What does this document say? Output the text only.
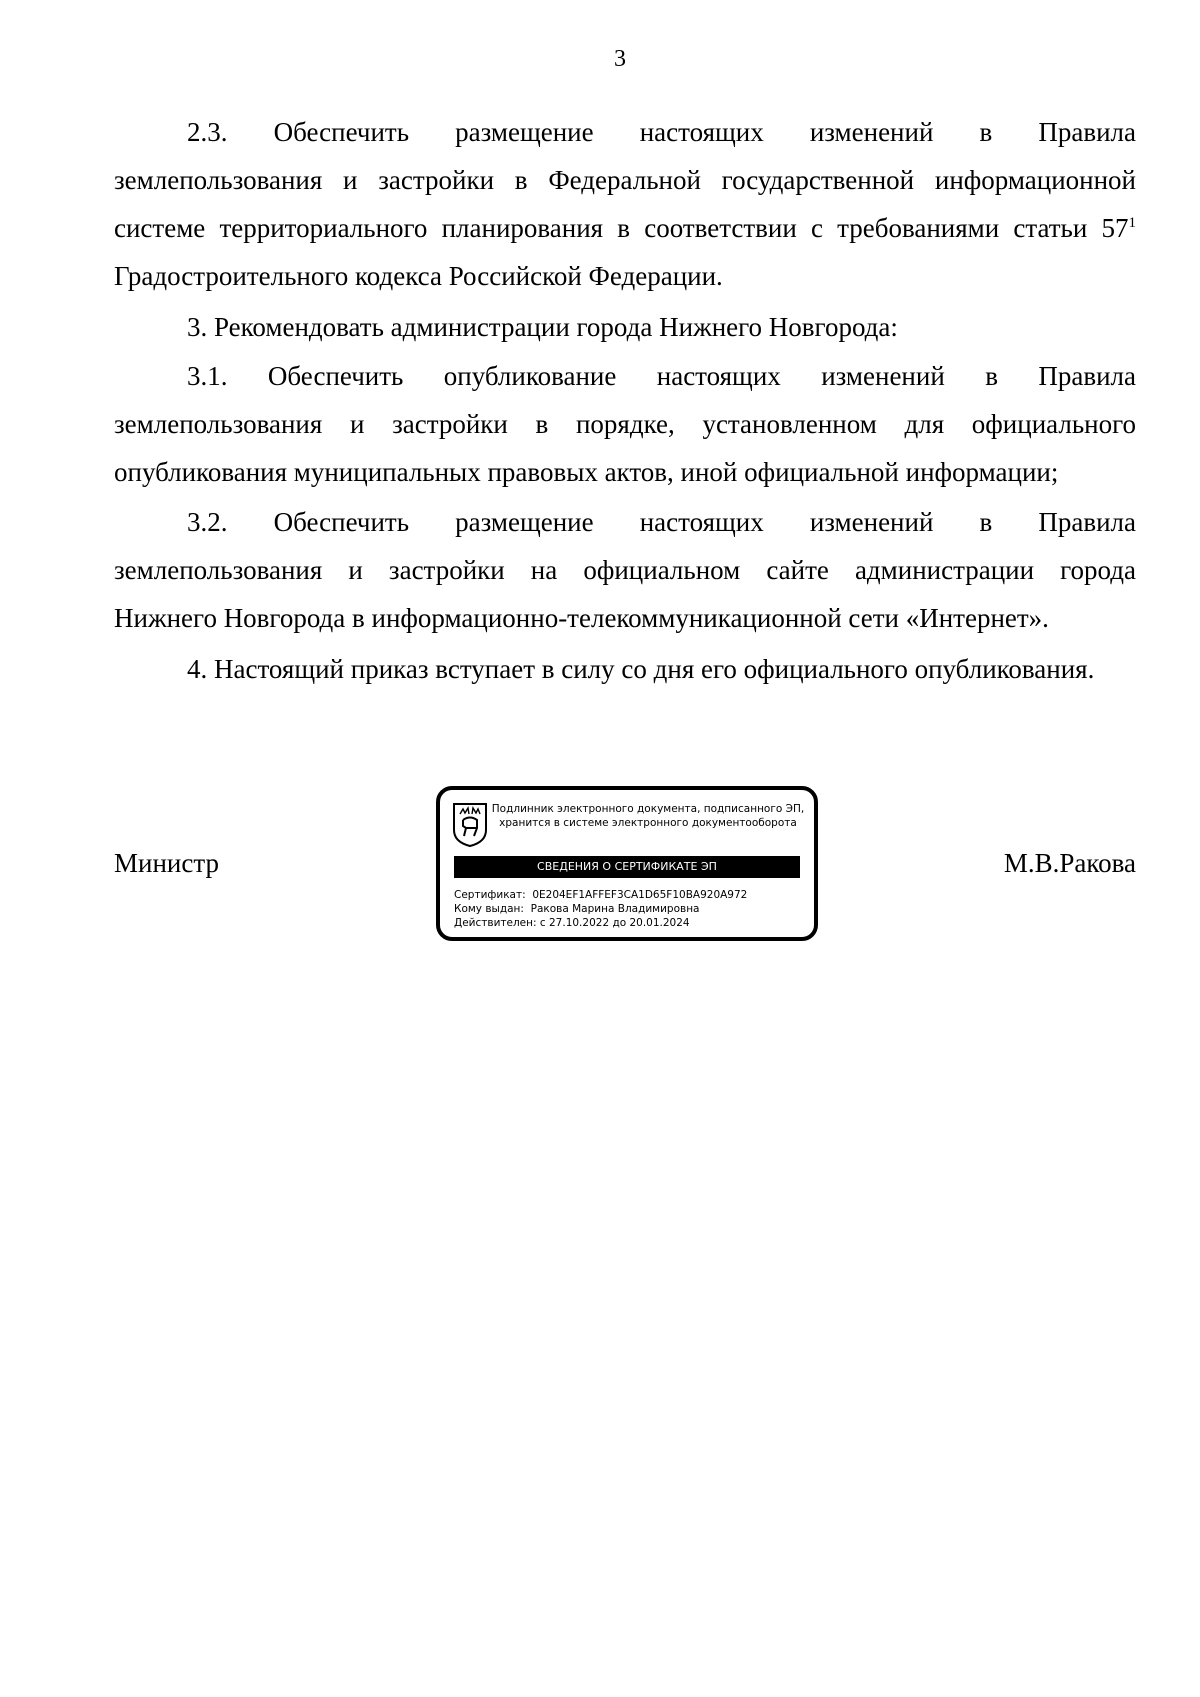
3
2.3. Обеспечить размещение настоящих изменений в Правила
землепользования и застройки в Федеральной государственной информационной
системе территориального планирования в соответствии с требованиями статьи $57^1$
Градостроительного кодекса Российской Федерации.
3. Рекомендовать администрации города Нижнего Новгорода:
3.1. Обеспечить опубликование настоящих изменений в Правила
землепользования и застройки в порядке, установленном для официального
опубликования муниципальных правовых актов, иной официальной информации;
3.2. Обеспечить размещение настоящих изменений в Правила
землепользования и застройки на официальном сайте администрации города
Нижнего Новгорода в информационно-телекоммуникационной сети «Интернет».
4. Настоящий приказ вступает в силу со дня его официального опубликования.
Министр	М.В.Ракова
Подлинник электронного документа, подписанного ЭП,
хранится в системе электронного документооборота
СВЕДЕНИЯ О СЕРТИФИКАТЕ ЭП
Сертификат: 0E204EF1AFFEF3CA1D65F10BA920A972
Кому выдан: Ракова Марина Владимировна
Действителен: с 27.10.2022 до 20.01.2024
